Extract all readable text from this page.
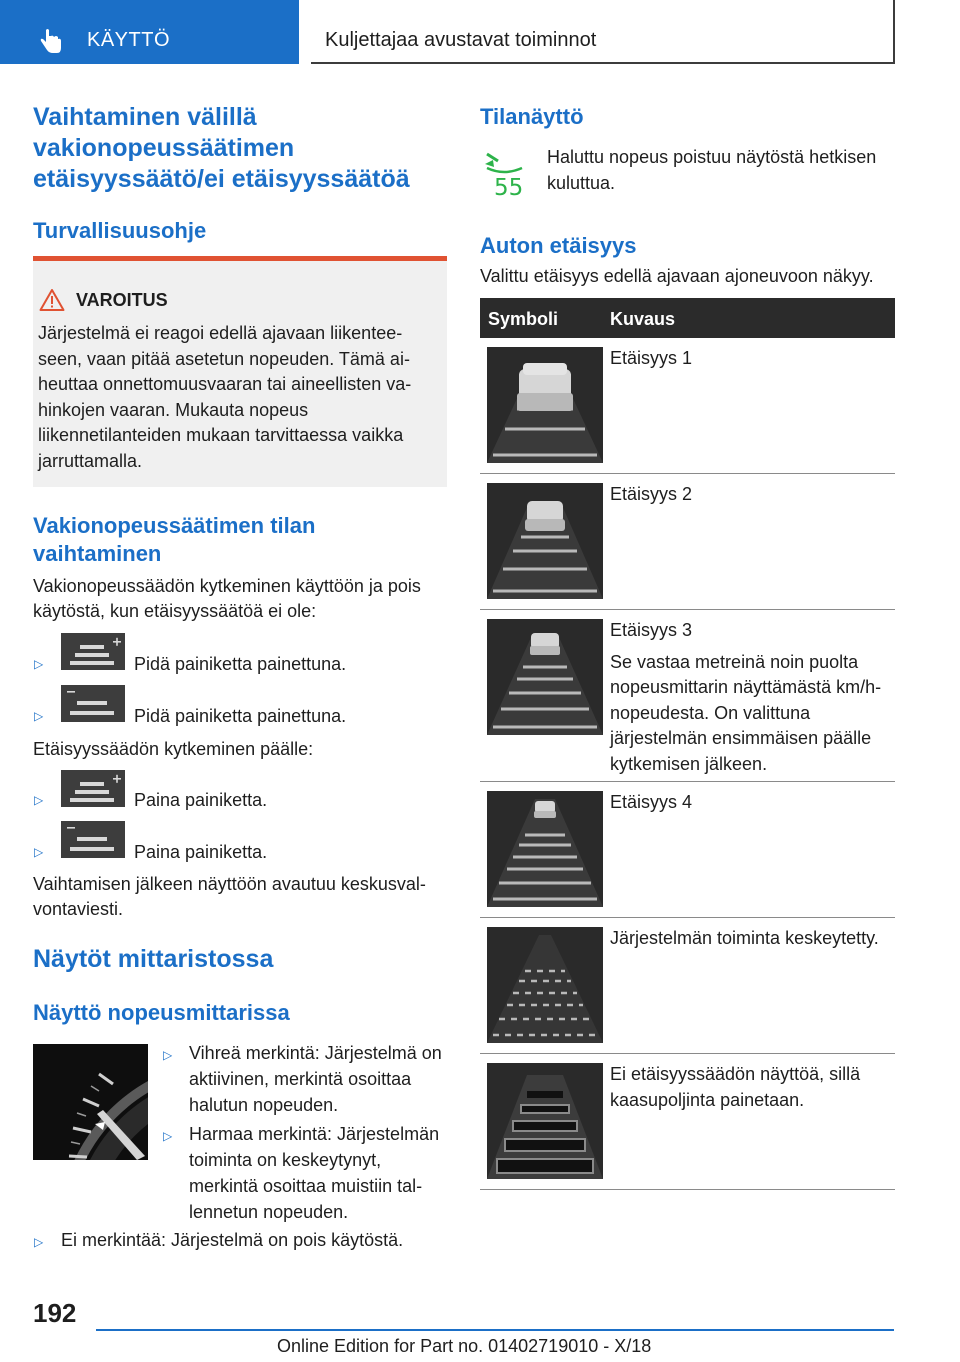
KÄYTTÖ	Kuljettajaa avustavat toiminnot
Vaihtaminen välillä vakionopeussäätimen etäisyyssäätö/ei etäisyyssäätöä
Turvallisuusohje
VAROITUS
Järjestelmä ei reagoi edellä ajavaan liikenteeseen, vaan pitää asetetun nopeuden. Tämä aiheuttaa onnettomuusvaaran tai aineellisten vahinkojen vaaran. Mukauta nopeus liikennetilanteiden mukaan tarvittaessa vaikka jarruttamalla.
Vakionopeussäätimen tilan vaihtaminen

Vakionopeussäädön kytkeminen käyttöön ja pois käytöstä, kun etäisyyssäätöä ei ole:

▷	Pidä painiketta painettuna.
▷	Pidä painiketta painettuna.

Etäisyyssäädön kytkeminen päälle:

▷	Paina painiketta.
▷	Paina painiketta.

Vaihtamisen jälkeen näyttöön avautuu keskusvalvontaviesti.

Näytöt mittaristossa
Näyttö nopeusmittarissa
▷ Vihreä merkintä: Järjestelmä on aktiivinen, merkintä osoittaa halutun nopeuden.
▷ Harmaa merkintä: Järjestelmän toiminta on keskeytynyt, merkintä osoittaa muistiin tallennetun nopeuden.
▷ Ei merkintää: Järjestelmä on pois käytöstä.
Tilanäyttö
55
Haluttu nopeus poistuu näytöstä hetkisen kuluttua.
Auton etäisyys
Valittu etäisyys edellä ajavaan ajoneuvoon näkyy.
Symboli	Kuvaus
Etäisyys 1
Etäisyys 2
Etäisyys 3
Se vastaa metreinä noin puolta nopeusmittarin näyttämästä km/h-nopeudesta. On valittuna järjestelmän ensimmäisen päälle kytkemisen jälkeen.
Etäisyys 4
Järjestelmän toiminta keskeytetty.
Ei etäisyyssäädön näyttöä, sillä kaasupoljinta painetaan.
192
Online Edition for Part no. 01402719010 - X/18
